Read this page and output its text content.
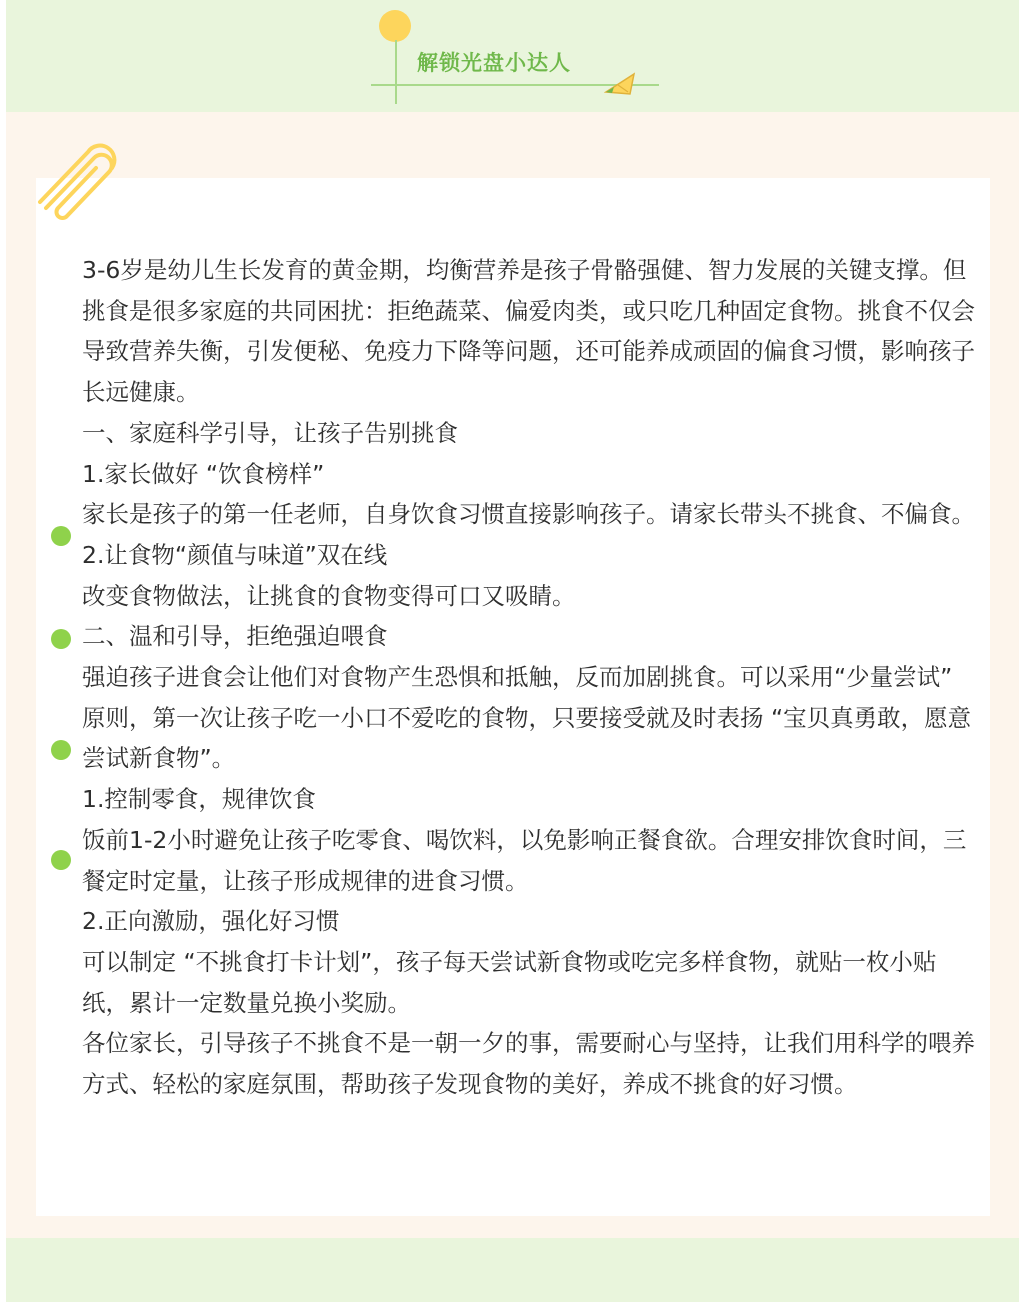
解锁光盘小达人

3-6岁是幼儿生长发育的黄金期，均衡营养是孩子骨骼强健、智力发展的关键支撑。但挑食是很多家庭的共同困扰：拒绝蔬菜、偏爱肉类，或只吃几种固定食物。挑食不仅会导致营养失衡，引发便秘、免疫力下降等问题，还可能养成顽固的偏食习惯，影响孩子长远健康。

一、家庭科学引导，让孩子告别挑食

1.家长做好 “饮食榜样”

家长是孩子的第一任老师，自身饮食习惯直接影响孩子。请家长带头不挑食、不偏食。

2.让食物“颜值与味道”双在线

改变食物做法，让挑食的食物变得可口又吸睛。

二、温和引导，拒绝强迫喂食

强迫孩子进食会让他们对食物产生恐惧和抵触，反而加剧挑食。可以采用“少量尝试” 原则，第一次让孩子吃一小口不爱吃的食物，只要接受就及时表扬 “宝贝真勇敢，愿意尝试新食物”。

1.控制零食，规律饮食

饭前1-2小时避免让孩子吃零食、喝饮料，以免影响正餐食欲。合理安排饮食时间，三餐定时定量，让孩子形成规律的进食习惯。

2.正向激励，强化好习惯

可以制定 “不挑食打卡计划”，孩子每天尝试新食物或吃完多样食物，就贴一枚小贴纸，累计一定数量兑换小奖励。

各位家长，引导孩子不挑食不是一朝一夕的事，需要耐心与坚持，让我们用科学的喂养方式、轻松的家庭氛围，帮助孩子发现食物的美好，养成不挑食的好习惯。
